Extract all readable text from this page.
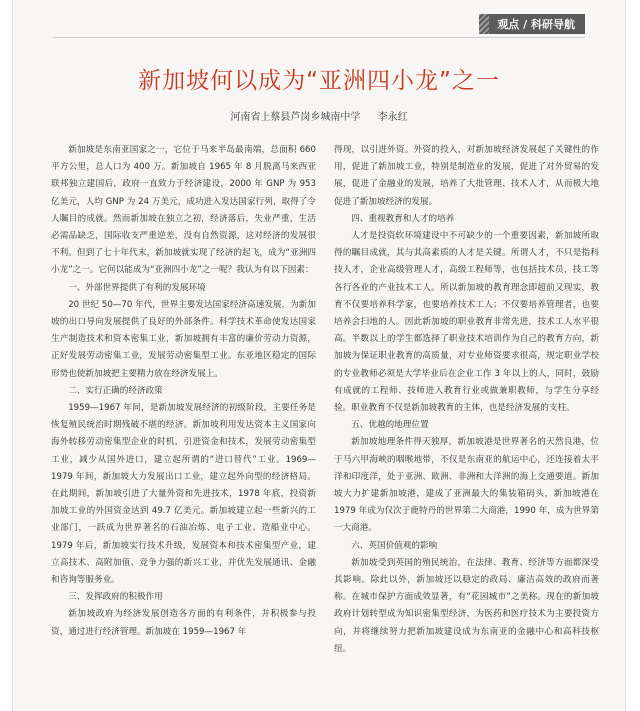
观点 / 科研导航
新加坡何以成为“亚洲四小龙”之一
河南省上蔡县芦岗乡城南中学 李永红

新加坡是东南亚国家之一，它位于马来半岛最南端，总面积 660 平方公里，总人口为 400 万。新加坡自 1965 年 8 月脱离马来西亚联邦独立建国后，政府一直致力于经济建设，2000 年 GNP 为 953 亿美元，人均 GNP 为 24 万美元，成功进入发达国家行列，取得了令人瞩目的成就。然而新加坡在独立之初，经济落后，失业严重，生活必需品缺乏，国际收支严重逆差，没有自然资源，这对经济的发展很不利。但到了七十年代末，新加坡就实现了经济的起飞，成为“亚洲四小龙”之一。它何以能成为“亚洲四小龙”之一呢？我认为有以下因素：

一、外部世界提供了有利的发展环境

20 世纪 50—70 年代，世界主要发达国家经济高速发展，为新加坡的出口导向发展提供了良好的外部条件。科学技术革命使发达国家生产制造技术和资本密集工业，新加坡拥有丰富的廉价劳动力资源，正好发展劳动密集工业，发展劳动密集型工业。东亚地区稳定的国际形势也使新加坡把主要精力放在经济发展上。

二、实行正确的经济政策

1959—1967 年间，是新加坡发展经济的初级阶段，主要任务是恢复殖民统治时期残破不堪的经济。新加坡利用发达资本主义国家向海外转移劳动密集型企业的时机，引进资金和技术，发展劳动密集型工业，减少从国外进口，建立起所谓的“进口替代”工业。1969—1979 年间，新加坡大力发展出口工业，建立起外向型的经济格局。在此期间，新加坡引进了大量外资和先进技术，1978 年底，投资新加坡工业的外国资金达到 49.7 亿美元。新加坡建立起一些新兴的工业部门，一跃成为世界著名的石油冶炼、电子工业、造船业中心。1979 年后，新加坡实行技术升级，发展资本和技术密集型产业，建立高技术、高附加值、竞争力强的新兴工业，并优先发展通讯、金融和咨询等服务业。

三、发挥政府的积极作用

新加坡政府为经济发展创造各方面的有利条件，并积极参与投资，通过进行经济管理。新加坡在 1959—1967 年

得现，以引进外资。外资的投入，对新加坡经济发展起了关键性的作用，促进了新加坡工业，特别是制造业的发展，促进了对外贸易的发展，促进了金融业的发展，培养了大批管理、技术人才，从而极大地促进了新加坡经济的发展。

四、重视教育和人才的培养

人才是投资软环境建设中不可缺少的一个重要因素，新加坡所取得的瞩目成就，其与其高素质的人才是关键。所谓人才，不只是指科技人才，企业高级管理人才，高级工程师等，也包括技术员，技工等各行各业的产业技术工人。所以新加坡的教育理念即超前又现实，教育不仅要培养科学家，也要培养技术工人；不仅要培养管理者，也要培养会扫地的人。因此新加坡的职业教育非常先进，技术工人水平很高。半数以上的学生都选择了职业技术培训作为自己的教育方向，新加坡为保证职业教育的高质量，对专业师资要求很高，规定职业学校的专业教师必须是大学毕业后在企业工作 3 年以上的人，同时，鼓励有成就的工程师、技师进入教育行业或做兼职教师，与学生分享经验。职业教育不仅是新加坡教育的主体，也是经济发展的支柱。

五、优越的地理位置

新加坡地理条件得天独厚，新加坡港是世界著名的天然良港，位于马六甲海峡的咽喉地带，不仅是东南亚的航运中心，还连接着太平洋和印度洋，处于亚洲、欧洲、非洲和大洋洲的海上交通要道。新加坡大力扩建新加坡港，建成了亚洲最大的集装箱码头，新加坡港在 1979 年成为仅次于鹿特丹的世界第二大商港，1990 年，成为世界第一大商港。

六、英国价值观的影响

新加坡受到英国的殖民统治，在法律、教育、经济等方面都深受其影响。除此以外，新加坡还以稳定的政局、廉洁高效的政府而著称。在城市保护方面成效显著，有“花园城市”之美称。现在的新加坡政府计划转型成为知识密集型经济，为医药和医疗技术为主要投资方向，并将继续努力把新加坡建设成为东南亚的金融中心和高科技枢纽。
